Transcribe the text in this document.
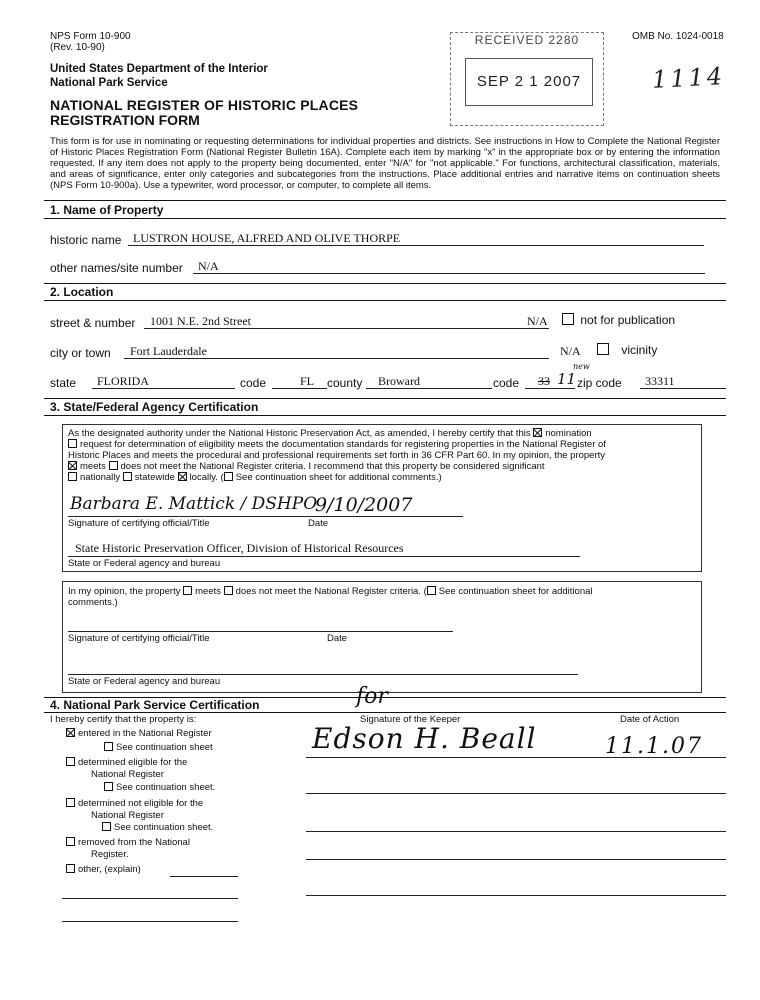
NPS Form 10-900
(Rev. 10-90)
OMB No. 1024-0018
United States Department of the Interior
National Park Service
NATIONAL REGISTER OF HISTORIC PLACES
REGISTRATION FORM
RECEIVED 2280
SEP 2 1 2007	1114
This form is for use in nominating or requesting determinations for individual properties and districts. See instructions in How to Complete the National Register of Historic Places Registration Form (National Register Bulletin 16A). Complete each item by marking "x" in the appropriate box or by entering the information requested. If any item does not apply to the property being documented, enter "N/A" for "not applicable." For functions, architectural classification, materials, and areas of significance, enter only categories and subcategories from the instructions. Place additional entries and narrative items on continuation sheets (NPS Form 10-900a). Use a typewriter, word processor, or computer, to complete all items.
1. Name of Property
historic name LUSTRON HOUSE, ALFRED AND OLIVE THORPE
other names/site number N/A
2. Location
street & number 1001 N.E. 2nd Street	N/A	not for publication
city or town Fort Lauderdale	N/A	vicinity
state FLORIDA	code	FL county Broward	code 33 11
new
zip code 33311
3. State/Federal Agency Certification
As the designated authority under the National Historic Preservation Act, as amended, I hereby certify that this nomination
request for determination of eligibility meets the documentation standards for registering properties in the National Register of
Historic Places and meets the procedural and professional requirements set forth in 36 CFR Part 60. In my opinion, the property
meets does not meet the National Register criteria. I recommend that this property be considered significant
nationally statewide locally. ( See continuation sheet for additional comments.)
Barbara E. Mattick / DSHPO
9/10/2007
Signature of certifying official/Title	Date
State Historic Preservation Officer, Division of Historical Resources
State or Federal agency and bureau
In my opinion, the property meets does not meet the National Register criteria. ( See continuation sheet for additional
comments.)
Signature of certifying official/Title	Date
State or Federal agency and bureau
4. National Park Service Certification
I hereby certify that the property is:	Signature of the Keeper	Date of Action
for
Edson H. Beall	11.1.07
entered in the National Register
See continuation sheet
determined eligible for the
National Register
See continuation sheet.
determined not eligible for the
National Register
See continuation sheet.
removed from the National
Register.
other, (explain)
